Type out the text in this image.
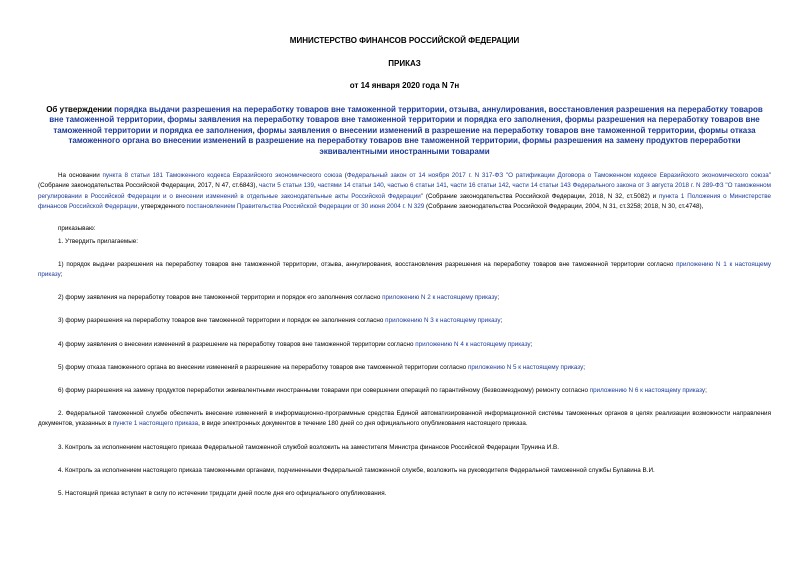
МИНИСТЕРСТВО ФИНАНСОВ РОССИЙСКОЙ ФЕДЕРАЦИИ
ПРИКАЗ
от 14 января 2020 года N 7н
Об утверждении порядка выдачи разрешения на переработку товаров вне таможенной территории, отзыва, аннулирования, восстановления разрешения на переработку товаров вне таможенной территории, формы заявления на переработку товаров вне таможенной территории и порядка его заполнения, формы разрешения на переработку товаров вне таможенной территории и порядка ее заполнения, формы заявления о внесении изменений в разрешение на переработку товаров вне таможенной территории, формы отказа таможенного органа во внесении изменений в разрешение на переработку товаров вне таможенной территории, формы разрешения на замену продуктов переработки эквивалентными иностранными товарами
На основании пункта 8 статьи 181 Таможенного кодекса Евразийского экономического союза (Федеральный закон от 14 ноября 2017 г. N 317-ФЗ "О ратификации Договора о Таможенном кодексе Евразийского экономического союза" (Собрание законодательства Российской Федерации, 2017, N 47, ст.6843), части 5 статьи 139, частями 14 статьи 140, частью 6 статьи 141, части 16 статьи 142, части 14 статьи 143 Федерального закона от 3 августа 2018 г. N 289-ФЗ "О таможенном регулировании в Российской Федерации и о внесении изменений в отдельные законодательные акты Российской Федерации" (Собрание законодательства Российской Федерации, 2018, N 32, ст.5082) и пункта 1 Положения о Министерстве финансов Российской Федерации, утвержденного постановлением Правительства Российской Федерации от 30 июня 2004 г. N 329 (Собрание законодательства Российской Федерации, 2004, N 31, ст.3258; 2018, N 30, ст.4748),
приказываю:
1. Утвердить прилагаемые:
1) порядок выдачи разрешения на переработку товаров вне таможенной территории, отзыва, аннулирования, восстановления разрешения на переработку товаров вне таможенной территории согласно приложению N 1 к настоящему приказу;
2) форму заявления на переработку товаров вне таможенной территории и порядок его заполнения согласно приложению N 2 к настоящему приказу;
3) форму разрешения на переработку товаров вне таможенной территории и порядок ее заполнения согласно приложению N 3 к настоящему приказу;
4) форму заявления о внесении изменений в разрешение на переработку товаров вне таможенной территории согласно приложению N 4 к настоящему приказу;
5) форму отказа таможенного органа во внесении изменений в разрешение на переработку товаров вне таможенной территории согласно приложению N 5 к настоящему приказу;
6) форму разрешения на замену продуктов переработки эквивалентными иностранными товарами при совершении операций по гарантийному (безвозмездному) ремонту согласно приложению N 6 к настоящему приказу;
2. Федеральной таможенной службе обеспечить внесение изменений в информационно-программные средства Единой автоматизированной информационной системы таможенных органов в целях реализации возможности направления документов, указанных в пункте 1 настоящего приказа, в виде электронных документов в течение 180 дней со дня официального опубликования настоящего приказа.
3. Контроль за исполнением настоящего приказа Федеральной таможенной службой возложить на заместителя Министра финансов Российской Федерации Трунина И.В.
4. Контроль за исполнением настоящего приказа таможенными органами, подчиненными Федеральной таможенной службе, возложить на руководителя Федеральной таможенной службы Булавина В.И.
5. Настоящий приказ вступает в силу по истечении тридцати дней после дня его официального опубликования.
